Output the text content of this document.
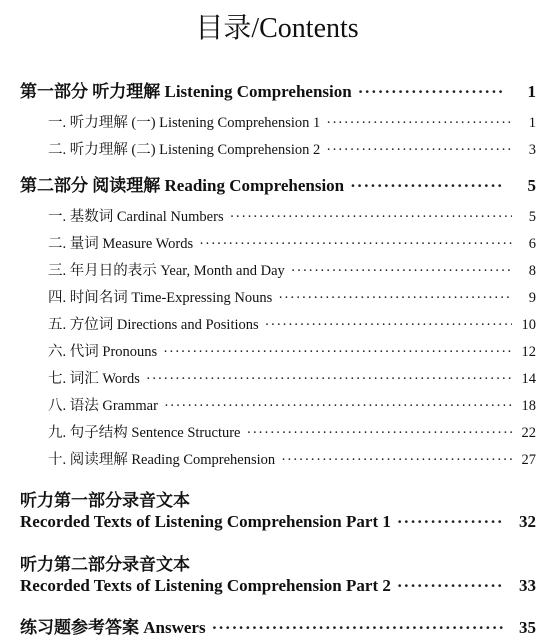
目录/Contents
第一部分 听力理解 Listening Comprehension ·····	1
一. 听力理解 (一) Listening Comprehension 1 ·····	1
二. 听力理解 (二) Listening Comprehension 2 ·····	3
第二部分 阅读理解 Reading Comprehension ·····	5
一. 基数词 Cardinal Numbers ·····	5
二. 量词 Measure Words ·····	6
三. 年月日的表示 Year, Month and Day ·····	8
四. 时间名词 Time-Expressing Nouns ·····	9
五. 方位词 Directions and Positions ·····	10
六. 代词 Pronouns ·····	12
七. 词汇 Words ·····	14
八. 语法 Grammar ·····	18
九. 句子结构 Sentence Structure ·····	22
十. 阅读理解 Reading Comprehension ·····	27
听力第一部分录音文本
Recorded Texts of Listening Comprehension Part 1 ·····	32
听力第二部分录音文本
Recorded Texts of Listening Comprehension Part 2 ·····	33
练习题参考答案 Answers ·····	35
